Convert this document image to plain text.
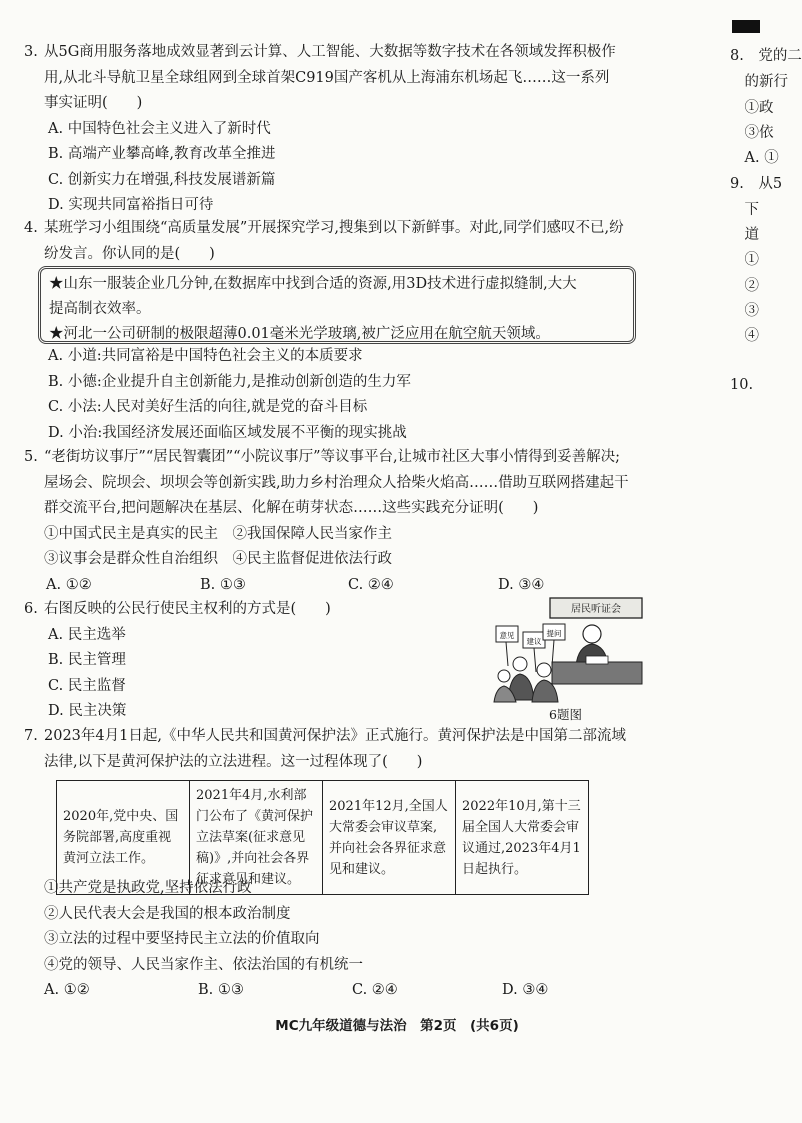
3. 从5G商用服务落地成效显著到云计算、人工智能、大数据等数字技术在各领域发挥积极作
用,从北斗导航卫星全球组网到全球首架C919国产客机从上海浦东机场起飞……这一系列
事实证明(　　)
A. 中国特色社会主义进入了新时代
B. 高端产业攀高峰,教育改革全推进
C. 创新实力在增强,科技发展谱新篇
D. 实现共同富裕指日可待
4. 某班学习小组围绕“高质量发展”开展探究学习,搜集到以下新鲜事。对此,同学们感叹不已,纷
纷发言。你认同的是(　　)

★山东一服装企业几分钟,在数据库中找到合适的资源,用3D技术进行虚拟缝制,大大

提高制衣效率。

★河北一公司研制的极限超薄0.01毫米光学玻璃,被广泛应用在航空航天领域。

A. 小道:共同富裕是中国特色社会主义的本质要求
B. 小德:企业提升自主创新能力,是推动创新创造的生力军
C. 小法:人民对美好生活的向往,就是党的奋斗目标
D. 小治:我国经济发展还面临区域发展不平衡的现实挑战
5. “老街坊议事厅”“居民智囊团”“小院议事厅”等议事平台,让城市社区大事小情得到妥善解决;
屋场会、院坝会、坝坝会等创新实践,助力乡村治理众人拾柴火焰高……借助互联网搭建起干
群交流平台,把问题解决在基层、化解在萌芽状态……这些实践充分证明(　　)
①中国式民主是真实的民主　②我国保障人民当家作主
③议事会是群众性自治组织　④民主监督促进依法行政
A. ①②	B. ①③	C. ②④	D. ③④
6. 右图反映的公民行使民主权利的方式是(　　)
A. 民主选举
B. 民主管理
C. 民主监督
D. 民主决策
居民听证会
意见
建议
提问
6题图
7. 2023年4月1日起,《中华人民共和国黄河保护法》正式施行。黄河保护法是中国第二部流域
法律,以下是黄河保护法的立法进程。这一过程体现了(　　)
2020年,党中央、国务院部署,高度重视黄河立法工作。	2021年4月,水利部门公布了《黄河保护立法草案(征求意见稿)》,并向社会各界征求意见和建议。	2021年12月,全国人大常委会审议草案,并向社会各界征求意见和建议。	2022年10月,第十三届全国人大常委会审议通过,2023年4月1日起执行。
①共产党是执政党,坚持依法行政
②人民代表大会是我国的根本政治制度
③立法的过程中要坚持民主立法的价值取向
④党的领导、人民当家作主、依法治国的有机统一
A. ①②	B. ①③	C. ②④	D. ③④
MC九年级道德与法治　第2页　(共6页)
8.　党的二
　的新行
　①政
　③依
　A. ①
9.　从5
　下
　道
　①
　②
　③
　④
10.
